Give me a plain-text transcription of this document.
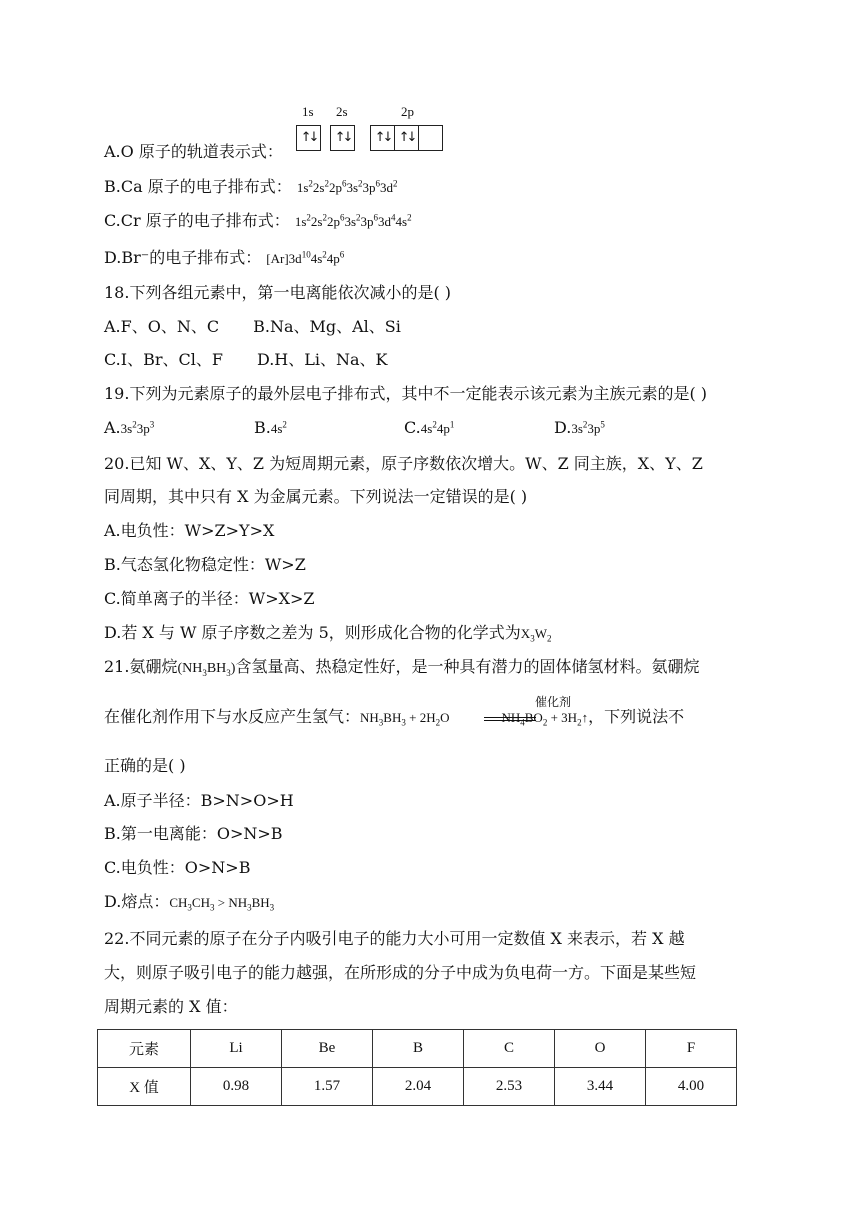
A.O 原子的轨道表示式：
1s 2s	2p
↑↓ ↑↓ ↑↓ ↑↓
B.Ca 原子的电子排布式： $1s^22s^22p^63s^23p^63d^2$
C.Cr 原子的电子排布式： $1s^22s^22p^63s^23p^63d^44s^2$
D.Br⁻的电子排布式： $[Ar]3d^{10}4s^24p^6$
18.下列各组元素中，第一电离能依次减小的是( )
A.F、O、N、C B.Na、Mg、Al、Si
C.I、Br、Cl、F D.H、Li、Na、K
19.下列为元素原子的最外层电子排布式，其中不一定能表示该元素为主族元素的是( )
$A.3s^23p^3$	$B.4s^2$	$C.4s^24p^1$	$D.3s^23p^5$
20.已知 W、X、Y、Z 为短周期元素，原子序数依次增大。W、Z 同主族，X、Y、Z
同周期，其中只有 X 为金属元素。下列说法一定错误的是( )
A.电负性：W>Z>Y>X
B.气态氢化物稳定性：W>Z
C.简单离子的半径：W>X>Z
D.若 X 与 W 原子序数之差为 5，则形成化合物的化学式为$X_3W_2$
21.氨硼烷$(NH_3BH_3)$含氢量高、热稳定性好，是一种具有潜力的固体储氢材料。氨硼烷
催化剂
在催化剂作用下与水反应产生氢气：$NH_3BH_3 + 2H_2O$	$NH_4BO_2$ + $3H_2↑$，下列说法不
正确的是( )
A.原子半径：B>N>O>H
B.第一电离能：O>N>B
C.电负性：O>N>B
D.熔点：$CH_3CH_3 > NH_3BH_3$
22.不同元素的原子在分子内吸引电子的能力大小可用一定数值 X 来表示，若 X 越
大，则原子吸引电子的能力越强，在所形成的分子中成为负电荷一方。下面是某些短
周期元素的 X 值：
元素	Li	Be	B	C	O	F
X 值	0.98	1.57	2.04	2.53	3.44	4.00
